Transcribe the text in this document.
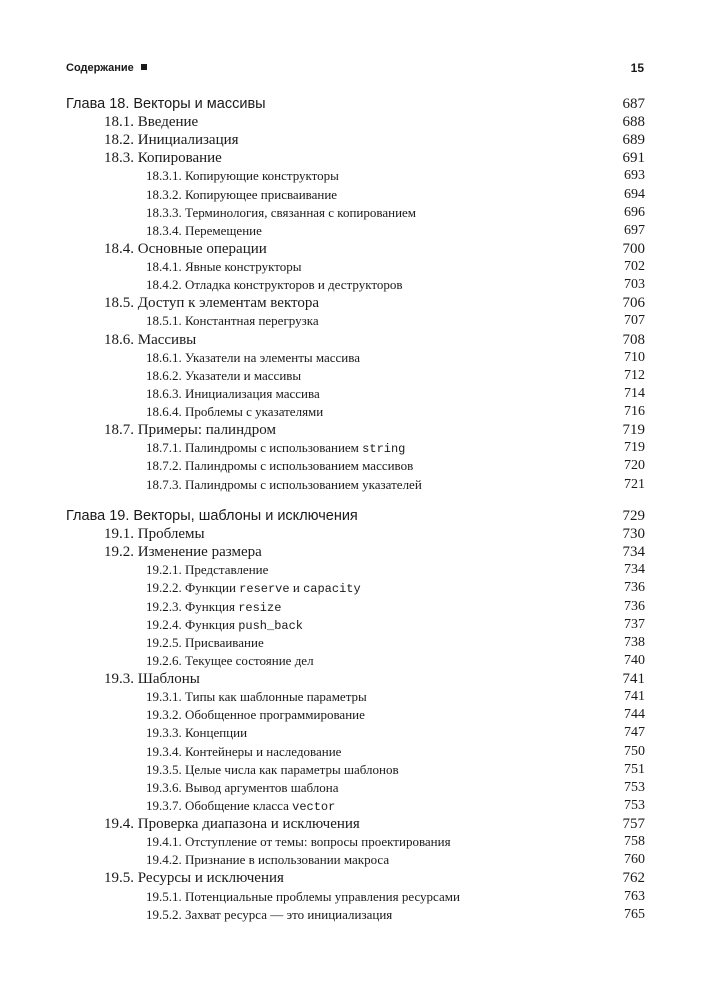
Содержание	15
Глава 18. Векторы и массивы	687
18.1. Введение	688
18.2. Инициализация	689
18.3. Копирование	691
18.3.1. Копирующие конструкторы	693
18.3.2. Копирующее присваивание	694
18.3.3. Терминология, связанная с копированием	696
18.3.4. Перемещение	697
18.4. Основные операции	700
18.4.1. Явные конструкторы	702
18.4.2. Отладка конструкторов и деструкторов	703
18.5. Доступ к элементам вектора	706
18.5.1. Константная перегрузка	707
18.6. Массивы	708
18.6.1. Указатели на элементы массива	710
18.6.2. Указатели и массивы	712
18.6.3. Инициализация массива	714
18.6.4. Проблемы с указателями	716
18.7. Примеры: палиндром	719
18.7.1. Палиндромы с использованием string	719
18.7.2. Палиндромы с использованием массивов	720
18.7.3. Палиндромы с использованием указателей	721
Глава 19. Векторы, шаблоны и исключения	729
19.1. Проблемы	730
19.2. Изменение размера	734
19.2.1. Представление	734
19.2.2. Функции reserve и capacity	736
19.2.3. Функция resize	736
19.2.4. Функция push_back	737
19.2.5. Присваивание	738
19.2.6. Текущее состояние дел	740
19.3. Шаблоны	741
19.3.1. Типы как шаблонные параметры	741
19.3.2. Обобщенное программирование	744
19.3.3. Концепции	747
19.3.4. Контейнеры и наследование	750
19.3.5. Целые числа как параметры шаблонов	751
19.3.6. Вывод аргументов шаблона	753
19.3.7. Обобщение класса vector	753
19.4. Проверка диапазона и исключения	757
19.4.1. Отступление от темы: вопросы проектирования	758
19.4.2. Признание в использовании макроса	760
19.5. Ресурсы и исключения	762
19.5.1. Потенциальные проблемы управления ресурсами	763
19.5.2. Захват ресурса — это инициализация	765
